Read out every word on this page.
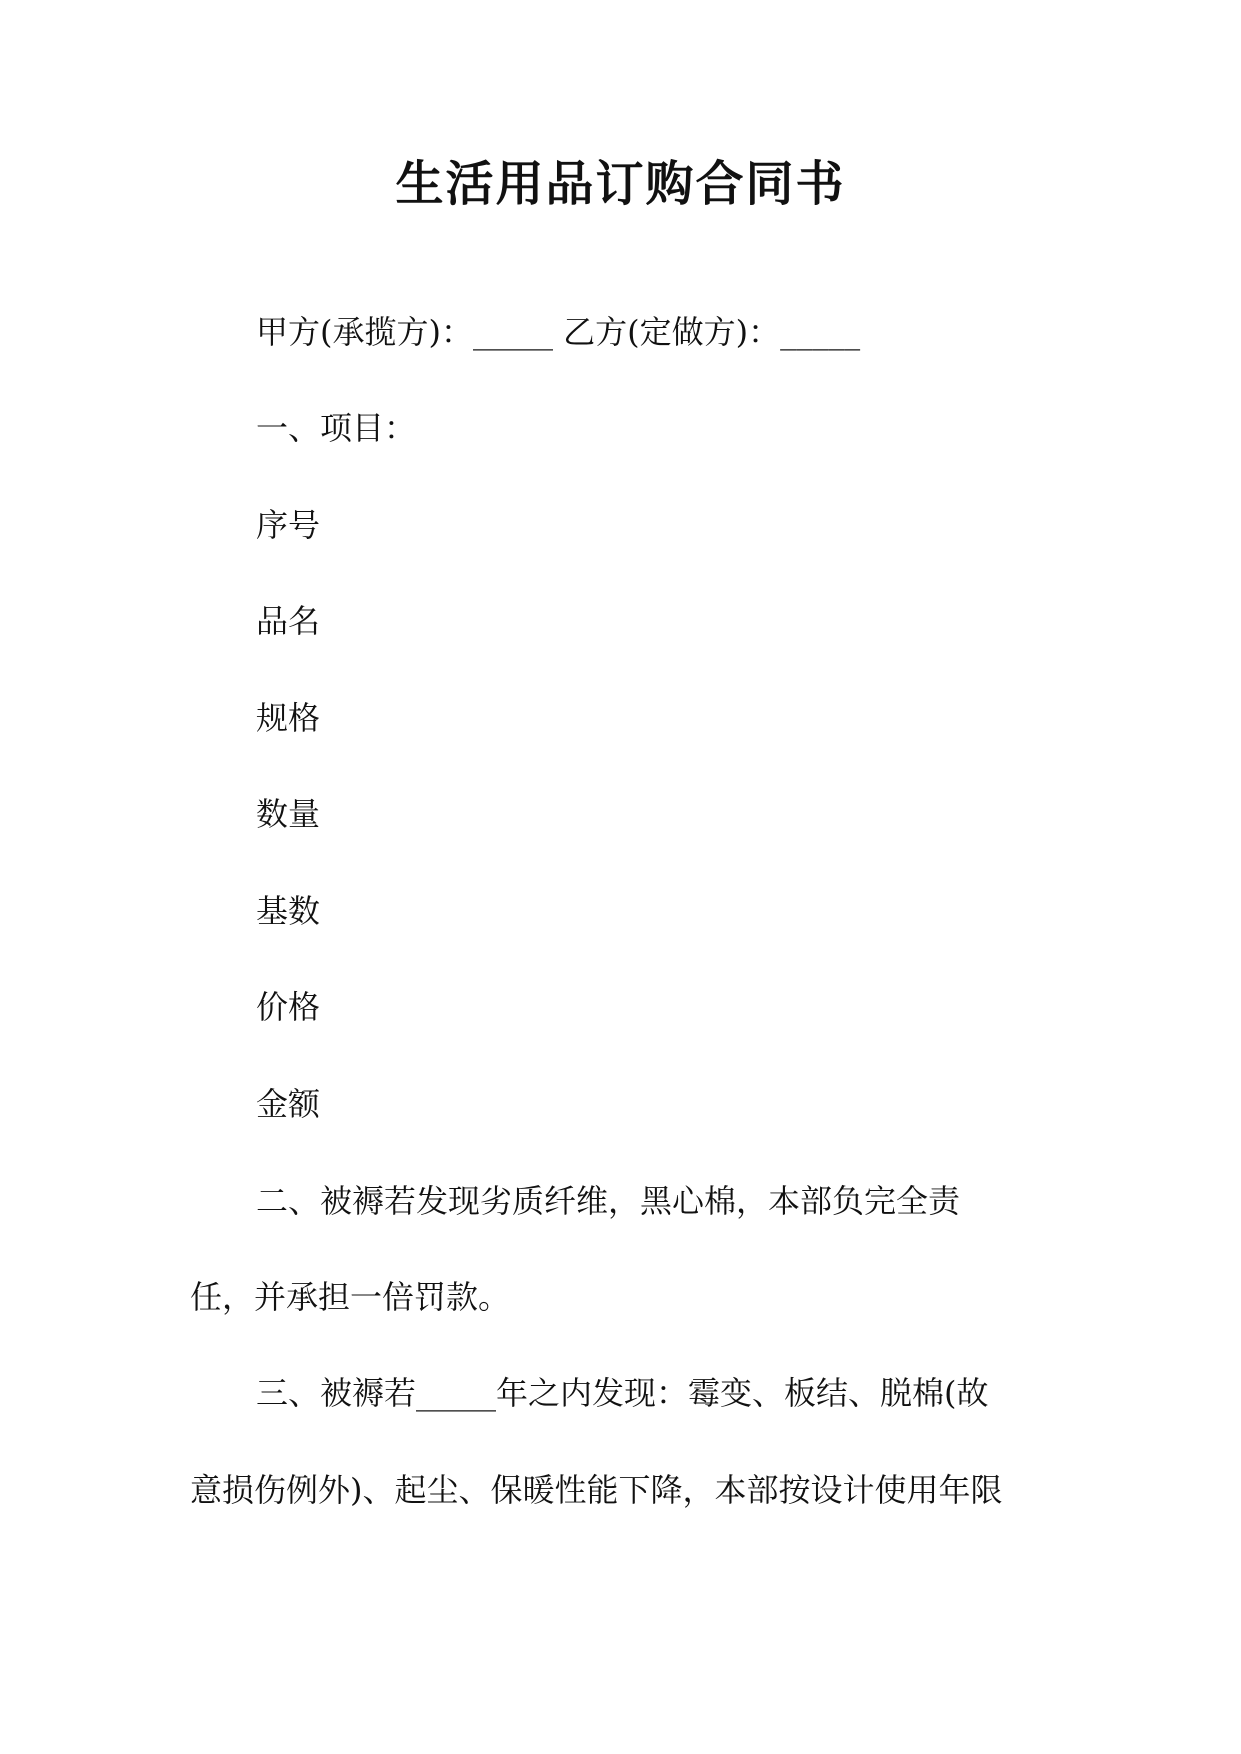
生活用品订购合同书
甲方(承揽方)：_____ 乙方(定做方)：_____
一、项目：
序号
品名
规格
数量
基数
价格
金额
二、被褥若发现劣质纤维，黑心棉，本部负完全责
任，并承担一倍罚款。
三、被褥若_____年之内发现：霉变、板结、脱棉(故
意损伤例外)、起尘、保暖性能下降，本部按设计使用年限
